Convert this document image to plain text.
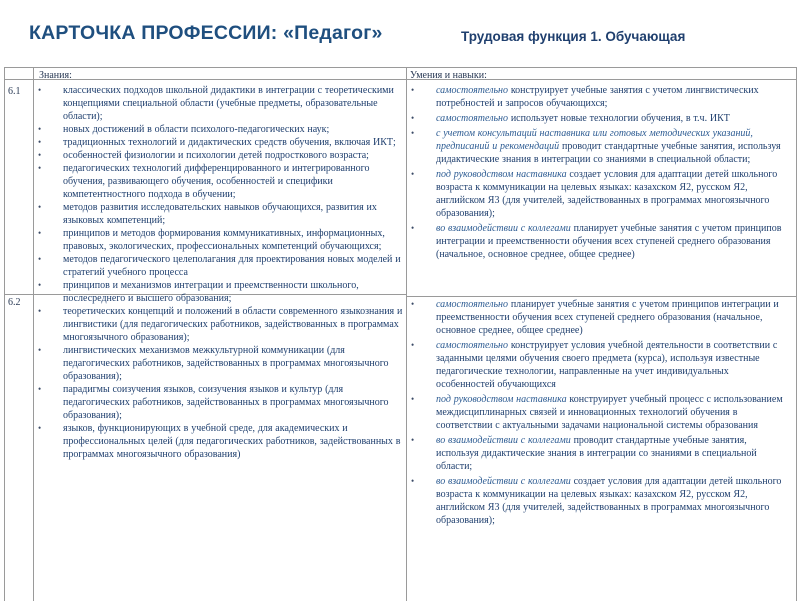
КАРТОЧКА ПРОФЕССИИ: «Педагог»	Трудовая функция 1. Обучающая
Знания:	Умения и навыки:
6.1
6.2
• классических подходов школьной дидактики в интеграции с теоретическими концепциями специальной области (учебные предметы, образовательные области);
• новых достижений в области психолого-педагогических наук;
• традиционных технологий и дидактических средств обучения, включая ИКТ;
• особенностей физиологии и психологии детей подросткового возраста;
• педагогических технологий дифференцированного и интегрированного обучения, развивающего обучения, особенностей и специфики компетентностного подхода в обучении;
• методов развития исследовательских навыков обучающихся, развития их языковых компетенций;
• принципов и методов формирования коммуникативных, информационных, правовых, экологических, профессиональных компетенций обучающихся;
• методов педагогического целеполагания для проектирования новых моделей и стратегий учебного процесса
• принципов и механизмов интеграции и преемственности школьного, послесреднего и высшего образования;
• теоретических концепций и положений в области современного языкознания и лингвистики (для педагогических работников, задействованных в программах многоязычного образования);
• лингвистических механизмов межкультурной коммуникации (для педагогических работников, задействованных в программах многоязычного образования);
• парадигмы соизучения языков, соизучения языков и культур (для педагогических работников, задействованных в программах многоязычного образования);
• языков, функционирующих в учебной среде, для академических и профессиональных целей (для педагогических работников, задействованных в программах многоязычного образования)
• самостоятельно конструирует учебные занятия с учетом лингвистических потребностей и запросов обучающихся;
• самостоятельно использует новые технологии обучения, в т.ч. ИКТ
• с учетом консультаций наставника или готовых методических указаний, предписаний и рекомендаций проводит стандартные учебные занятия, используя дидактические знания в интеграции со знаниями в специальной области;
• под руководством наставника создает условия для адаптации детей школьного возраста к коммуникации на целевых языках: казахском Я2, русском Я2, английском Я3 (для учителей, задействованных в программах многоязычного образования);
• во взаимодействии с коллегами планирует учебные занятия с учетом принципов интеграции и преемственности обучения всех ступеней среднего образования (начальное, основное среднее, общее среднее)
• самостоятельно планирует учебные занятия с учетом принципов интеграции и преемственности обучения всех ступеней среднего образования (начальное, основное среднее, общее среднее)
• самостоятельно конструирует условия учебной деятельности в соответствии с заданными целями обучения своего предмета (курса), используя известные педагогические технологии, направленные на учет индивидуальных особенностей обучающихся
• под руководством наставника конструирует учебный процесс с использованием междисциплинарных связей и инновационных технологий обучения в соответствии с актуальными задачами национальной системы образования
• во взаимодействии с коллегами проводит стандартные учебные занятия, используя дидактические знания в интеграции со знаниями в специальной области;
• во взаимодействии с коллегами создает условия для адаптации детей школьного возраста к коммуникации на целевых языках: казахском Я2, русском Я2, английском Я3 (для учителей, задействованных в программах многоязычного образования);
